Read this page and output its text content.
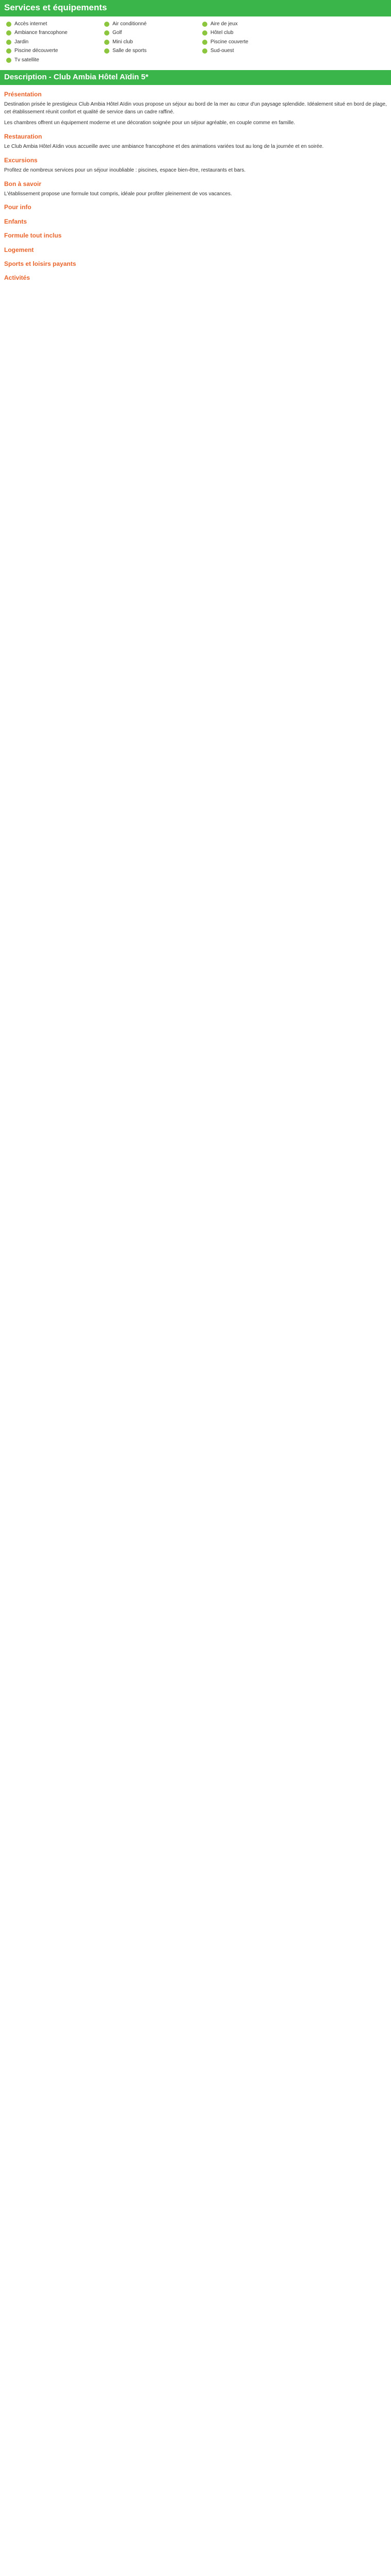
Services et équipements
Accès internet	Air conditionné	Aire de jeux
Ambiance francophone	Golf	Hôtel club
Jardin	Mini club	Piscine couverte
Piscine découverte	Salle de sports	Sud-ouest
Tv satellite
Description - Club Ambia Hôtel Aïdin 5*
Présentation
Destination prisée le prestigieux Club Ambia Hôtel Aïdin vous propose un séjour au bord de la mer au cœur d'un paysage splendide. Idéalement situé en bord de plage, cet établissement réunit confort et qualité de service dans un cadre raffiné.
Les chambres offrent un équipement moderne et une décoration soignée pour un séjour agréable, en couple comme en famille.
Restauration
Le Club Ambia Hôtel Aïdin vous accueille avec une ambiance francophone et des animations variées tout au long de la journée et en soirée.
Excursions
Profitez de nombreux services pour un séjour inoubliable : piscines, espace bien-être, restaurants et bars.
Bon à savoir
L'établissement propose une formule tout compris, idéale pour profiter pleinement de vos vacances.
Pour info
Enfants
Formule tout inclus
Logement
Sports et loisirs payants
Activités
